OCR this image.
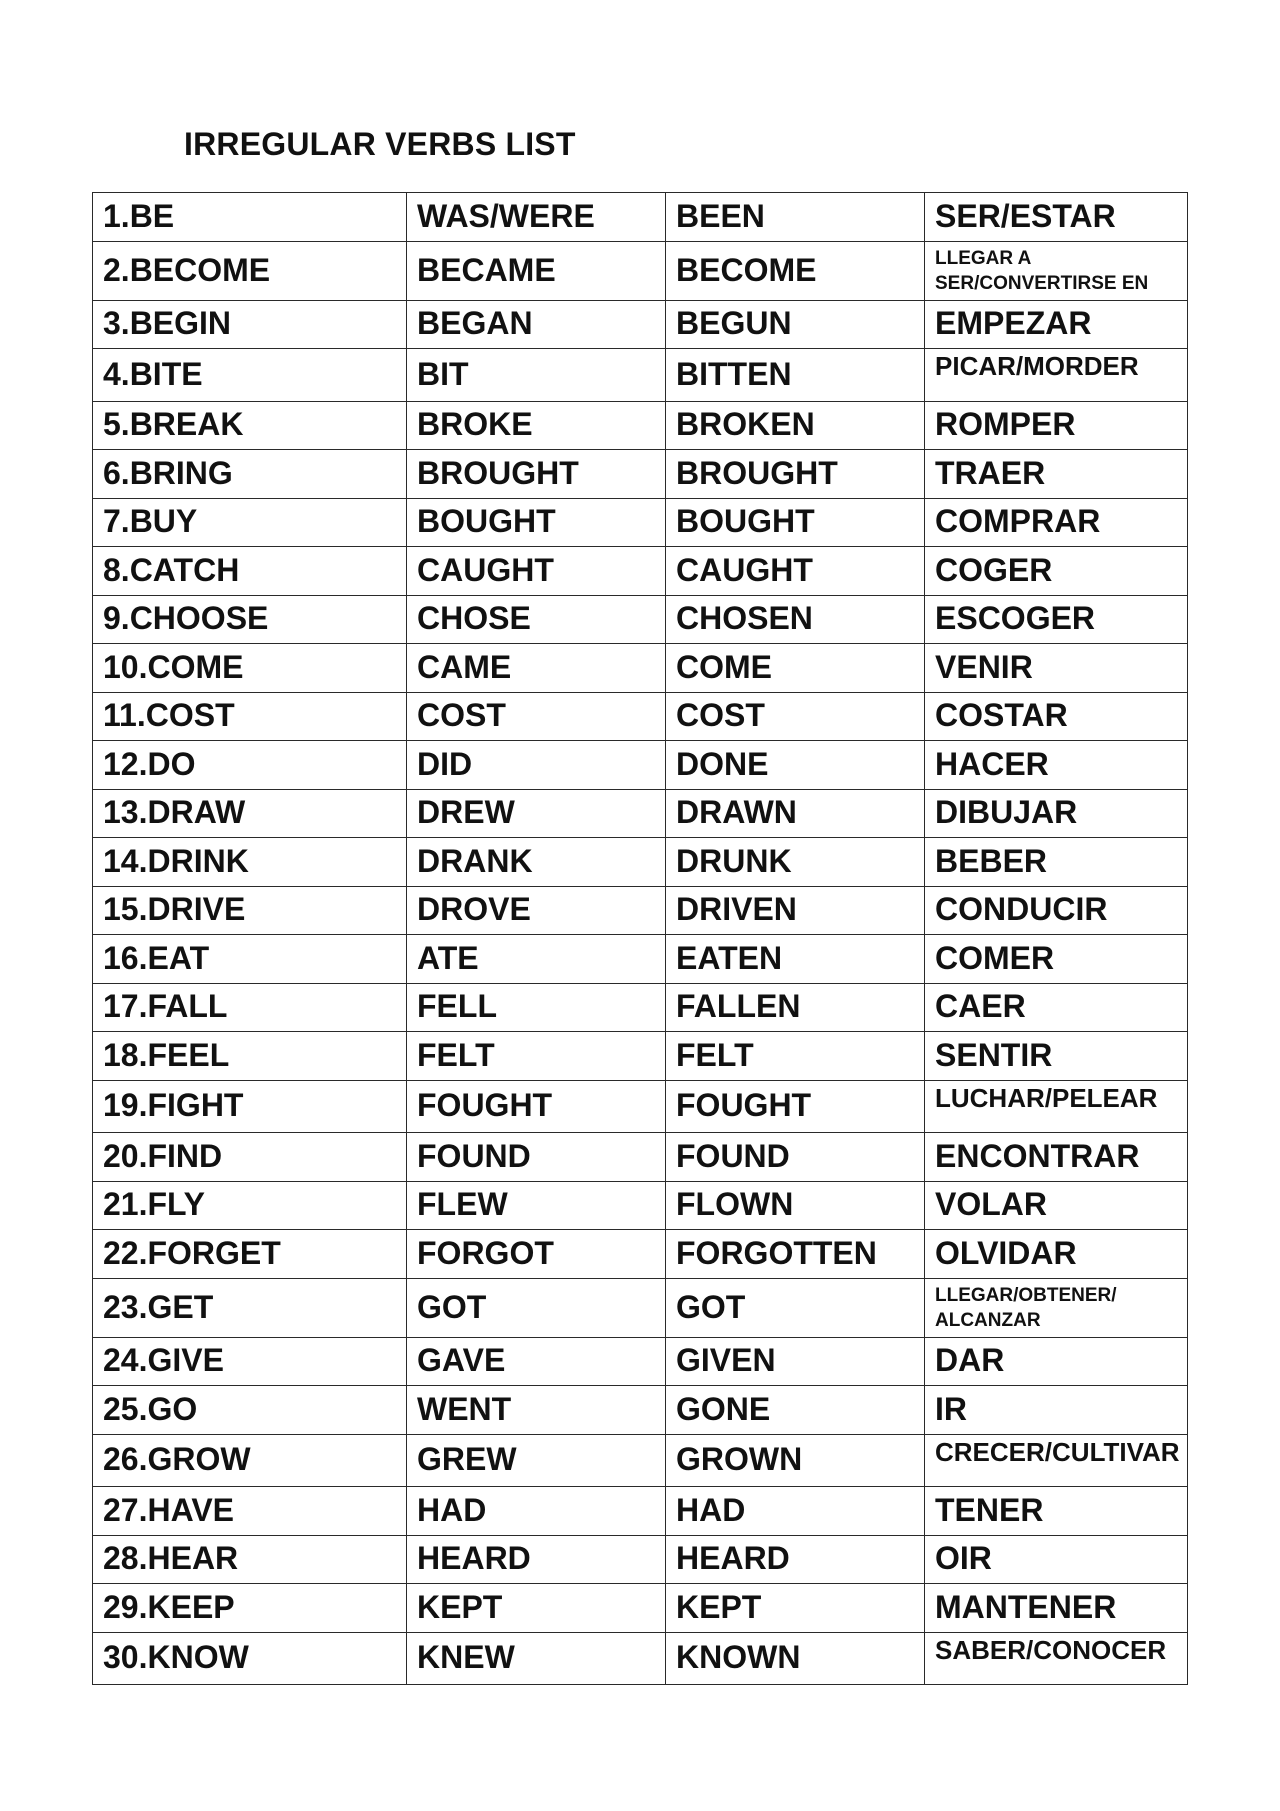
IRREGULAR VERBS LIST
1.BE	WAS/WERE	BEEN	SER/ESTAR
2.BECOME	BECAME	BECOME	LLEGAR A
SER/CONVERTIRSE EN

3.BEGIN	BEGAN	BEGUN	EMPEZAR
4.BITE	BIT	BITTEN	PICAR/MORDER
5.BREAK	BROKE	BROKEN	ROMPER
6.BRING	BROUGHT	BROUGHT	TRAER
7.BUY	BOUGHT	BOUGHT	COMPRAR
8.CATCH	CAUGHT	CAUGHT	COGER
9.CHOOSE	CHOSE	CHOSEN	ESCOGER
10.COME	CAME	COME	VENIR
11.COST	COST	COST	COSTAR
12.DO	DID	DONE	HACER
13.DRAW	DREW	DRAWN	DIBUJAR
14.DRINK	DRANK	DRUNK	BEBER
15.DRIVE	DROVE	DRIVEN	CONDUCIR
16.EAT	ATE	EATEN	COMER
17.FALL	FELL	FALLEN	CAER
18.FEEL	FELT	FELT	SENTIR
19.FIGHT	FOUGHT	FOUGHT	LUCHAR/PELEAR
20.FIND	FOUND	FOUND	ENCONTRAR
21.FLY	FLEW	FLOWN	VOLAR
22.FORGET	FORGOT	FORGOTTEN	OLVIDAR
23.GET	GOT	GOT	LLEGAR/OBTENER/
ALCANZAR

24.GIVE	GAVE	GIVEN	DAR
25.GO	WENT	GONE	IR
26.GROW	GREW	GROWN	CRECER/CULTIVAR
27.HAVE	HAD	HAD	TENER
28.HEAR	HEARD	HEARD	OIR
29.KEEP	KEPT	KEPT	MANTENER
30.KNOW	KNEW	KNOWN	SABER/CONOCER
